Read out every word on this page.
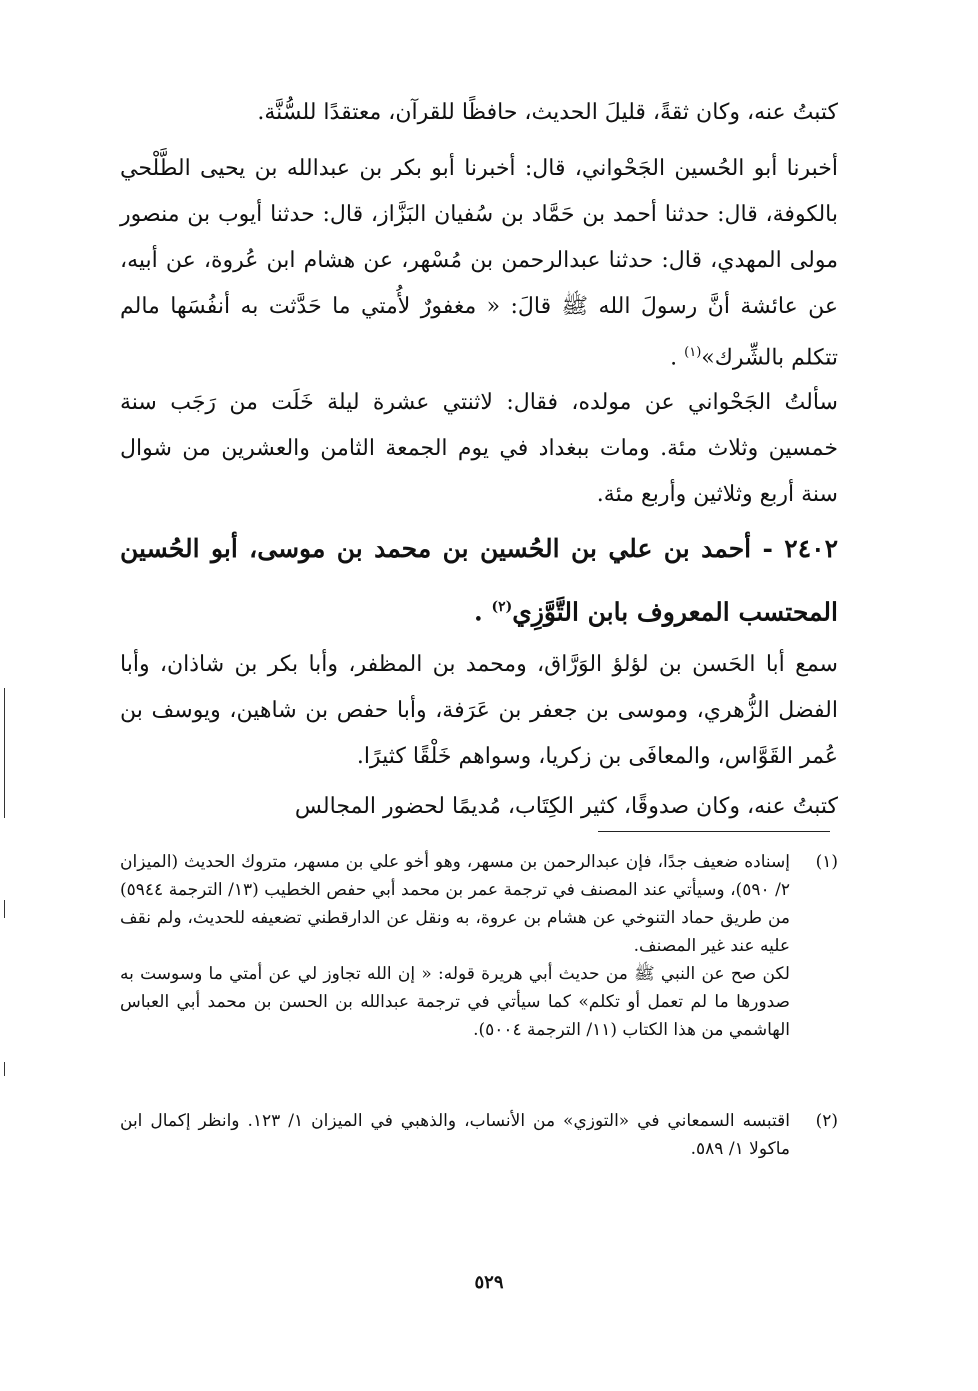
كتبتُ عنه، وكان ثقةً، قليلَ الحديث، حافظًا للقرآن، معتقدًا للسُّنَّة.

أخبرنا أبو الحُسين الجَحْواني، قال: أخبرنا أبو بكر بن عبدالله بن يحيى الطَّلْحي بالكوفة، قال: حدثنا أحمد بن حَمَّاد بن سُفيان البَزَّاز، قال: حدثنا أيوب بن منصور مولى المهدي، قال: حدثنا عبدالرحمن بن مُسْهر، عن هشام ابن عُروة، عن أبيه، عن عائشة أنَّ رسولَ الله ﷺ قالَ: « مغفورٌ لأُمتي ما حَدَّثت به أنفُسَها مالم تتكلم بالشِّرك»$^{(١)}$ .

سألتُ الجَحْواني عن مولده، فقال: لاثنتي عشرة ليلة خَلَت من رَجَب سنة خمسين وثلاث مئة. ومات ببغداد في يوم الجمعة الثامن والعشرين من شوال سنة أربع وثلاثين وأربع مئة.

٢٤٠٢ - أحمد بن علي بن الحُسين بن محمد بن موسى، أبو الحُسين المحتسب المعروف بابن التَّوَّزِي$^{(٢)}$ .

سمع أبا الحَسن بن لؤلؤ الوَرَّاق، ومحمد بن المظفر، وأبا بكر بن شاذان، وأبا الفضل الزُّهري، وموسى بن جعفر بن عَرَفة، وأبا حفص بن شاهين، ويوسف بن عُمر القَوَّاس، والمعافَى بن زكريا، وسواهم خَلْقًا كثيرًا.

كتبتُ عنه، وكان صدوقًا، كثير الكِتَاب، مُديمًا لحضور المجالس

(١)
إسناده ضعيف جدًا، فإن عبدالرحمن بن مسهر، وهو أخو علي بن مسهر، متروك الحديث (الميزان ٢/ ٥٩٠)، وسيأتي عند المصنف في ترجمة عمر بن محمد أبي حفص الخطيب (١٣/ الترجمة ٥٩٤٤) من طريق حماد التنوخي عن هشام بن عروة، به ونقل عن الدارقطني تضعيفه للحديث، ولم نقف عليه عند غير المصنف.
لكن صح عن النبي ﷺ من حديث أبي هريرة قوله: « إن الله تجاوز لي عن أمتي ما وسوست به صدورها ما لم تعمل أو تكلم» كما سيأتي في ترجمة عبدالله بن الحسن بن محمد أبي العباس الهاشمي من هذا الكتاب (١١/ الترجمة ٥٠٠٤).
(٢)
اقتبسه السمعاني في «التوزي» من الأنساب، والذهبي في الميزان ١/ ١٢٣. وانظر إكمال ابن ماكولا ١/ ٥٨٩.
٥٢٩
